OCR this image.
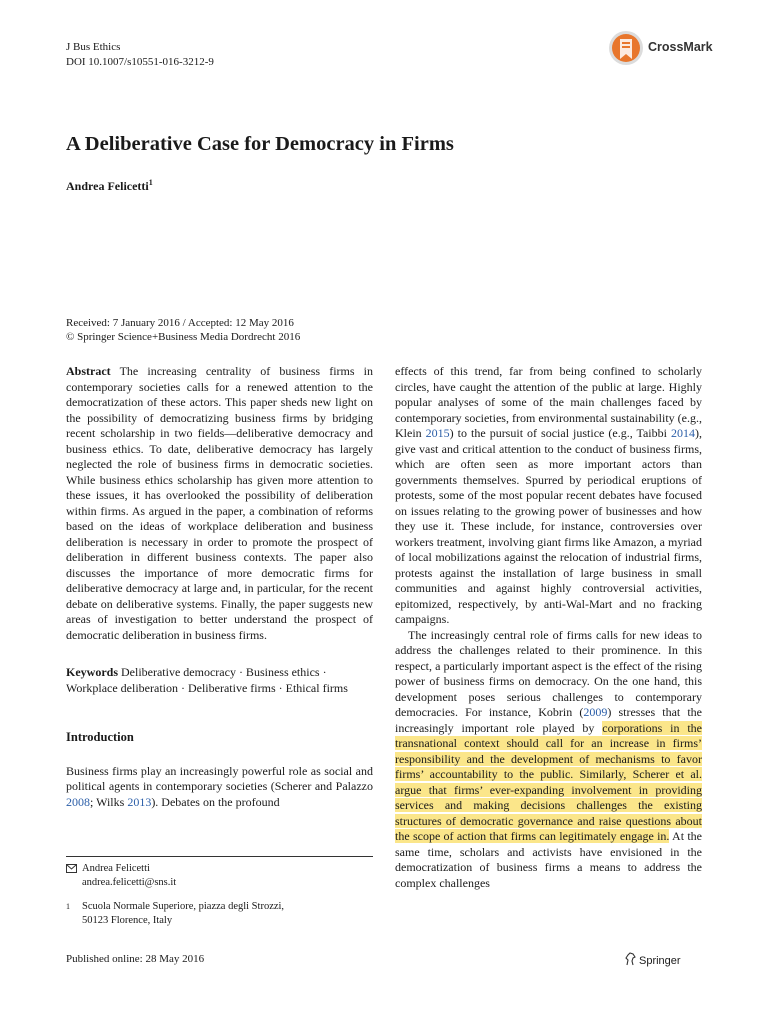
J Bus Ethics
DOI 10.1007/s10551-016-3212-9
CrossMark
A Deliberative Case for Democracy in Firms
Andrea Felicetti$^1$
Received: 7 January 2016 / Accepted: 12 May 2016
© Springer Science+Business Media Dordrecht 2016

Abstract The increasing centrality of business firms in contemporary societies calls for a renewed attention to the democratization of these actors. This paper sheds new light on the possibility of democratizing business firms by bridging recent scholarship in two fields—deliberative democracy and business ethics. To date, deliberative democracy has largely neglected the role of business firms in democratic societies. While business ethics scholarship has given more attention to these issues, it has overlooked the possibility of deliberation within firms. As argued in the paper, a combination of reforms based on the ideas of workplace deliberation and business deliberation is necessary in order to promote the prospect of deliberation in different business contexts. The paper also discusses the importance of more democratic firms for deliberative democracy at large and, in particular, for the recent debate on deliberative systems. Finally, the paper suggests new areas of investigation to better understand the prospect of democratic deliberation in business firms.

Keywords Deliberative democracy · Business ethics · Workplace deliberation · Deliberative firms · Ethical firms

Introduction

Business firms play an increasingly powerful role as social and political agents in contemporary societies (Scherer and Palazzo 2008; Wilks 2013). Debates on the profound

effects of this trend, far from being confined to scholarly circles, have caught the attention of the public at large. Highly popular analyses of some of the main challenges faced by contemporary societies, from environmental sustainability (e.g., Klein 2015) to the pursuit of social justice (e.g., Taibbi 2014), give vast and critical attention to the conduct of business firms, which are often seen as more important actors than governments themselves. Spurred by periodical eruptions of protests, some of the most popular recent debates have focused on issues relating to the growing power of businesses and how they use it. These include, for instance, controversies over workers treatment, involving giant firms like Amazon, a myriad of local mobilizations against the relocation of industrial firms, protests against the installation of large business in small communities and against highly controversial activities, epitomized, respectively, by anti-Wal-Mart and no fracking campaigns.

The increasingly central role of firms calls for new ideas to address the challenges related to their prominence. In this respect, a particularly important aspect is the effect of the rising power of business firms on democracy. On the one hand, this development poses serious challenges to contemporary democracies. For instance, Kobrin (2009) stresses that the increasingly important role played by corporations in the transnational context should call for an increase in firms’ responsibility and the development of mechanisms to favor firms’ accountability to the public. Similarly, Scherer et al. argue that firms’ ever-expanding involvement in providing services and making decisions challenges the existing structures of democratic governance and raise questions about the scope of action that firms can legitimately engage in. At the same time, scholars and activists have envisioned in the democratization of business firms a means to address the complex challenges

Andrea Felicetti
andrea.felicetti@sns.it
1 Scuola Normale Superiore, piazza degli Strozzi,
50123 Florence, Italy
Published online: 28 May 2016	Springer
